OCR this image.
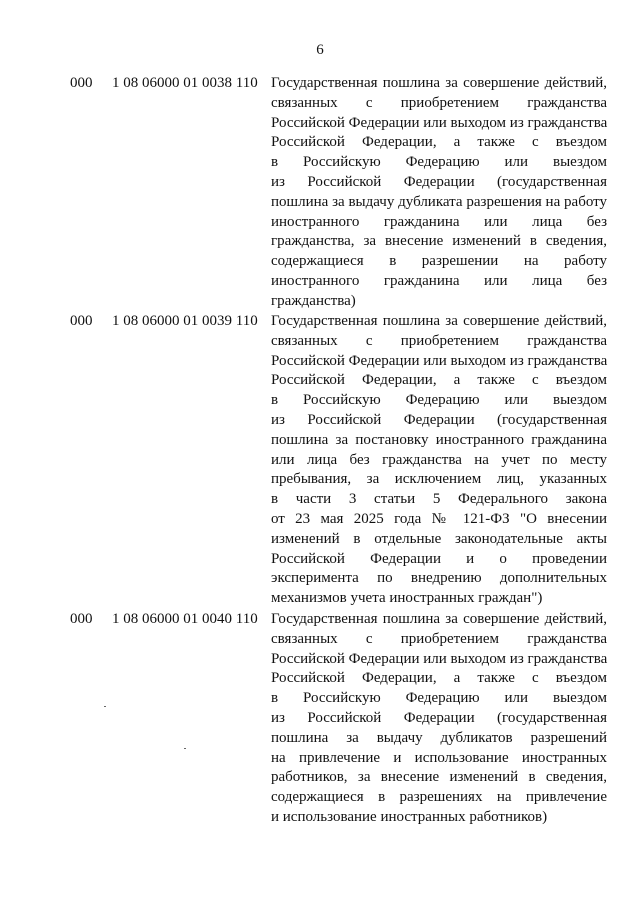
6
000 1 08 06000 01 0038 110 Государственная пошлина за совершение действий,
связанных с приобретением гражданства
Российской Федерации или выходом из гражданства
Российской Федерации, а также с въездом
в Российскую Федерацию или выездом
из Российской Федерации (государственная
пошлина за выдачу дубликата разрешения на работу
иностранного гражданина или лица без
гражданства, за внесение изменений в сведения,
содержащиеся в разрешении на работу
иностранного гражданина или лица без
гражданства)
000 1 08 06000 01 0039 110 Государственная пошлина за совершение действий,
связанных с приобретением гражданства
Российской Федерации или выходом из гражданства
Российской Федерации, а также с въездом
в Российскую Федерацию или выездом
из Российской Федерации (государственная
пошлина за постановку иностранного гражданина
или лица без гражданства на учет по месту
пребывания, за исключением лиц, указанных
в части 3 статьи 5 Федерального закона
от 23 мая 2025 года № 121-ФЗ "О внесении
изменений в отдельные законодательные акты
Российской Федерации и о проведении
эксперимента по внедрению дополнительных
механизмов учета иностранных граждан")
000 1 08 06000 01 0040 110 Государственная пошлина за совершение действий,
связанных с приобретением гражданства
Российской Федерации или выходом из гражданства
Российской Федерации, а также с въездом
в Российскую Федерацию или выездом
из Российской Федерации (государственная
пошлина за выдачу дубликатов разрешений
на привлечение и использование иностранных
работников, за внесение изменений в сведения,
содержащиеся в разрешениях на привлечение
и использование иностранных работников)
